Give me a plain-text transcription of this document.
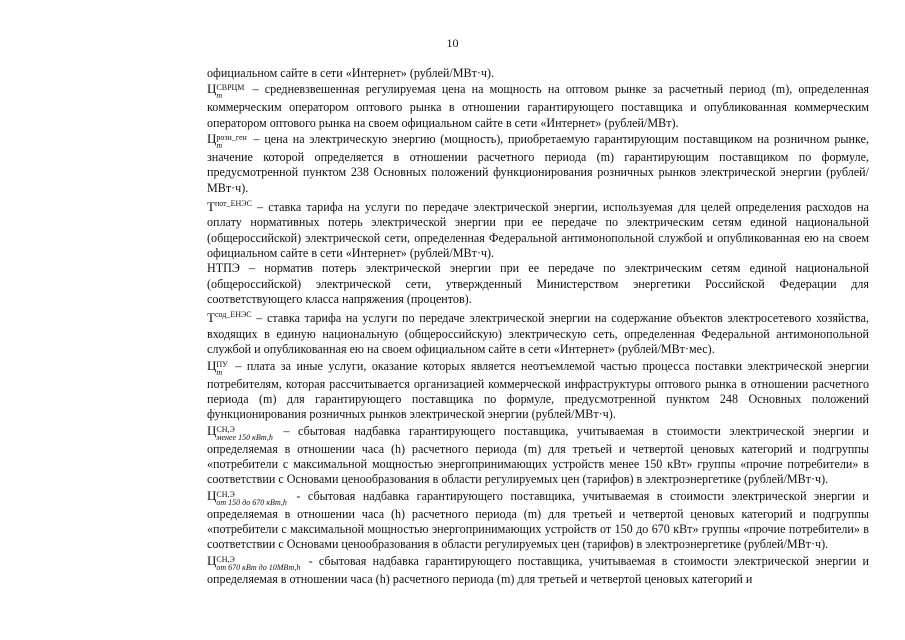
10

официальном сайте в сети «Интернет» (рублей/МВт·ч).

Ц СВРЦМ
m	– средневзвешенная регулируемая цена на мощность на оптовом рынке за расчетный период (m), определенная коммерческим оператором оптового рынка в отношении гарантирующего поставщика и опубликованная коммерческим оператором оптового рынка на своем официальном сайте в сети «Интернет» (рублей/МВт).

Ц розн_ген
m	– цена на электрическую энергию (мощность), приобретаемую гарантирующим поставщиком на розничном рынке, значение которой определяется в отношении расчетного периода (m) гарантирующим поставщиком по формуле, предусмотренной пунктом 238 Основных положений функционирования розничных рынков электрической энергии (рублей/МВт·ч).

$Т^{пот\_ЕНЭС}$ – ставка тарифа на услуги по передаче электрической энергии, используемая для целей определения расходов на оплату нормативных потерь электрической энергии при ее передаче по электрическим сетям единой национальной (общероссийской) электрической сети, определенная Федеральной антимонопольной службой и опубликованная ею на своем официальном сайте в сети «Интернет» (рублей/МВт·ч).

НТПЭ – норматив потерь электрической энергии при ее передаче по электрическим сетям единой национальной (общероссийской) электрической сети, утвержденный Министерством энергетики Российской Федерации для соответствующего класса напряжения (процентов).

$Т^{сод\_ЕНЭС}$ – ставка тарифа на услуги по передаче электрической энергии на содержание объектов электросетевого хозяйства, входящих в единую национальную (общероссийскую) электрическую сеть, определенная Федеральной антимонопольной службой и опубликованная ею на своем официальном сайте в сети «Интернет» (рублей/МВт·мес).

Ц ПУ
m – плата за иные услуги, оказание которых является неотъемлемой частью процесса поставки электрической энергии потребителям, которая рассчитывается организацией коммерческой инфраструктуры оптового рынка в отношении расчетного периода (m) для гарантирующего поставщика по формуле, предусмотренной пунктом 248 Основных положений функционирования розничных рынков электрической энергии (рублей/МВт·ч).

Ц СН,Э
менее 150 кВт,h – сбытовая надбавка гарантирующего поставщика, учитываемая в стоимости электрической энергии и определяемая в отношении часа (h) расчетного периода (m) для третьей и четвертой ценовых категорий и подгруппы «потребители с максимальной мощностью энергопринимающих устройств менее 150 кВт» группы «прочие потребители» в соответствии с Основами ценообразования в области регулируемых цен (тарифов) в электроэнергетике (рублей/МВт·ч).

Ц СН,Э
от 150 до 670 кВт,h - сбытовая надбавка гарантирующего поставщика, учитываемая в стоимости электрической энергии и определяемая в отношении часа (h) расчетного периода (m) для третьей и четвертой ценовых категорий и подгруппы «потребители с максимальной мощностью энергопринимающих устройств от 150 до 670 кВт» группы «прочие потребители» в соответствии с Основами ценообразования в области регулируемых цен (тарифов) в электроэнергетике (рублей/МВт·ч).

Ц СН,Э
от 670 кВт до 10МВт,h - сбытовая надбавка гарантирующего поставщика, учитываемая в стоимости электрической энергии и определяемая в отношении часа (h) расчетного периода (m) для третьей и четвертой ценовых категорий и
